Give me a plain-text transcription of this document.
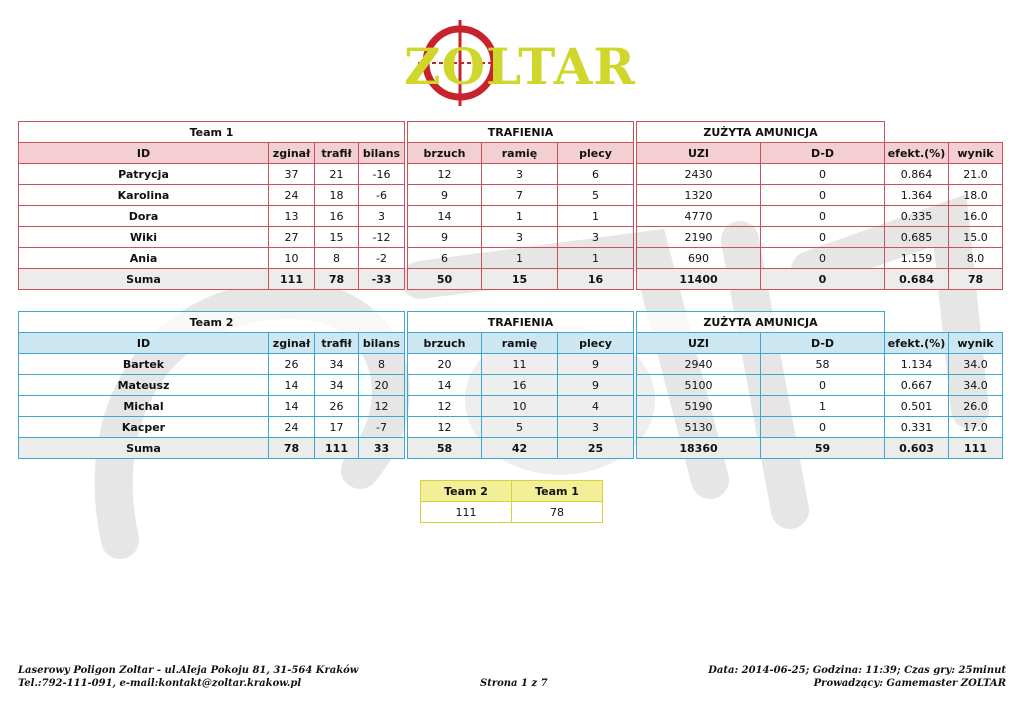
ZOLTAR
Team 1					TRAFIENIA				ZUŻYTA AMUNICJA			
ID	zginał	trafił	bilans		brzuch	ramię	plecy		UZI	D-D	efekt.(%)	wynik
Patrycja	37	21	-16		12	3	6		2430	0	0.864	21.0
Karolina	24	18	-6		9	7	5		1320	0	1.364	18.0
Dora	13	16	3		14	1	1		4770	0	0.335	16.0
Wiki	27	15	-12		9	3	3		2190	0	0.685	15.0
Ania	10	8	-2		6	1	1		690	0	1.159	8.0
Suma	111	78	-33		50	15	16		11400	0	0.684	78
Team 2					TRAFIENIA				ZUŻYTA AMUNICJA			
ID	zginał	trafił	bilans		brzuch	ramię	plecy		UZI	D-D	efekt.(%)	wynik
Bartek	26	34	8		20	11	9		2940	58	1.134	34.0
Mateusz	14	34	20		14	16	9		5100	0	0.667	34.0
Michal	14	26	12		12	10	4		5190	1	0.501	26.0
Kacper	24	17	-7		12	5	3		5130	0	0.331	17.0
Suma	78	111	33		58	42	25		18360	59	0.603	111
Team 2	Team 1
111	78
Laserowy Poligon Zoltar - ul.Aleja Pokoju 81, 31-564 Kraków
Tel.:792-111-091, e-mail:kontakt@zoltar.krakow.pl	Strona 1 z 7
Data: 2014-06-25; Godzina: 11:39; Czas gry: 25minut
Prowadzący: Gamemaster ZOLTAR
